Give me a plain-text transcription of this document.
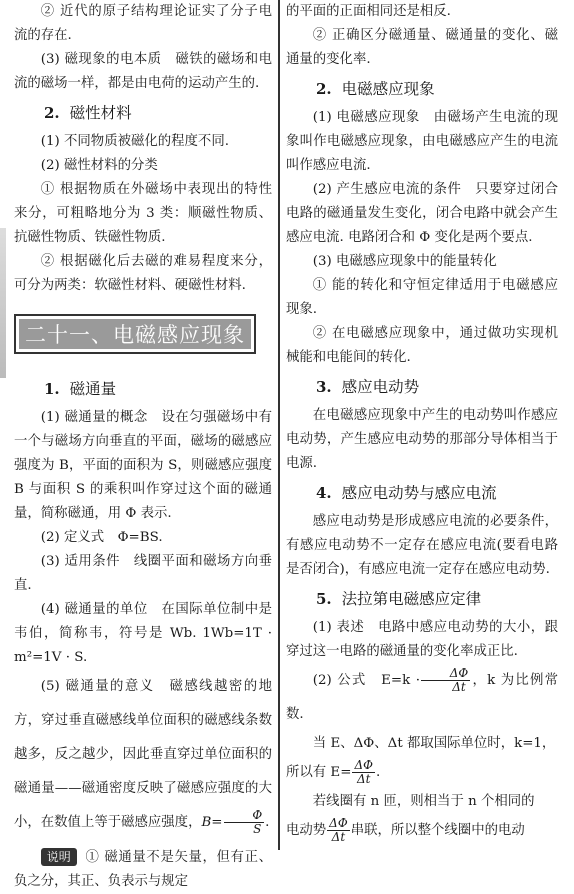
② 近代的原子结构理论证实了分子电流的存在.

(3) 磁现象的电本质　磁铁的磁场和电流的磁场一样，都是由电荷的运动产生的.

2. 磁性材料

(1) 不同物质被磁化的程度不同.

(2) 磁性材料的分类

① 根据物质在外磁场中表现出的特性来分，可粗略地分为 3 类：顺磁性物质、抗磁性物质、铁磁性物质.

② 根据磁化后去磁的难易程度来分，可分为两类：软磁性材料、硬磁性材料.

二十一、电磁感应现象
1. 磁通量

(1) 磁通量的概念　设在匀强磁场中有一个与磁场方向垂直的平面，磁场的磁感应强度为 B，平面的面积为 S，则磁感应强度 B 与面积 S 的乘积叫作穿过这个面的磁通量，简称磁通，用 Φ 表示.

(2) 定义式　Φ=BS.

(3) 适用条件　线圈平面和磁场方向垂直.

(4) 磁通量的单位　在国际单位制中是韦伯，简称韦，符号是 Wb. 1Wb=1T · m²=1V · S.

(5) 磁通量的意义　磁感线越密的地方，穿过垂直磁感线单位面积的磁感线条数越多，反之越少，因此垂直穿过单位面积的磁通量——磁通密度反映了磁感应强度的大小，在数值上等于磁感应强度，$B= \frac{\Phi}{S}$ .

说明 ① 磁通量不是矢量，但有正、负之分，其正、负表示与规定

的平面的正面相同还是相反.

② 正确区分磁通量、磁通量的变化、磁通量的变化率.

2. 电磁感应现象

(1) 电磁感应现象　由磁场产生电流的现象叫作电磁感应现象，由电磁感应产生的电流叫作感应电流.

(2) 产生感应电流的条件　只要穿过闭合电路的磁通量发生变化，闭合电路中就会产生感应电流. 电路闭合和 Φ 变化是两个要点.

(3) 电磁感应现象中的能量转化

① 能的转化和守恒定律适用于电磁感应现象.

② 在电磁感应现象中，通过做功实现机械能和电能间的转化.

3. 感应电动势

在电磁感应现象中产生的电动势叫作感应电动势，产生感应电动势的那部分导体相当于电源.

4. 感应电动势与感应电流

感应电动势是形成感应电流的必要条件，有感应电动势不一定存在感应电流(要看电路是否闭合)，有感应电流一定存在感应电动势.

5. 法拉第电磁感应定律

(1) 表述　电路中感应电动势的大小，跟穿过这一电路的磁通量的变化率成正比.

(2) 公式　$E=k \cdot \frac{\Delta\Phi}{\Delta t}$ ，k 为比例常数.

当 E、ΔΦ、Δt 都取国际单位时，k=1，

所以有 $E= \frac{\Delta\Phi}{\Delta t}$ .

若线圈有 n 匝，则相当于 n 个相同的

电动势 $\frac{\Delta\Phi}{\Delta t}$ 串联，所以整个线圈中的电动
